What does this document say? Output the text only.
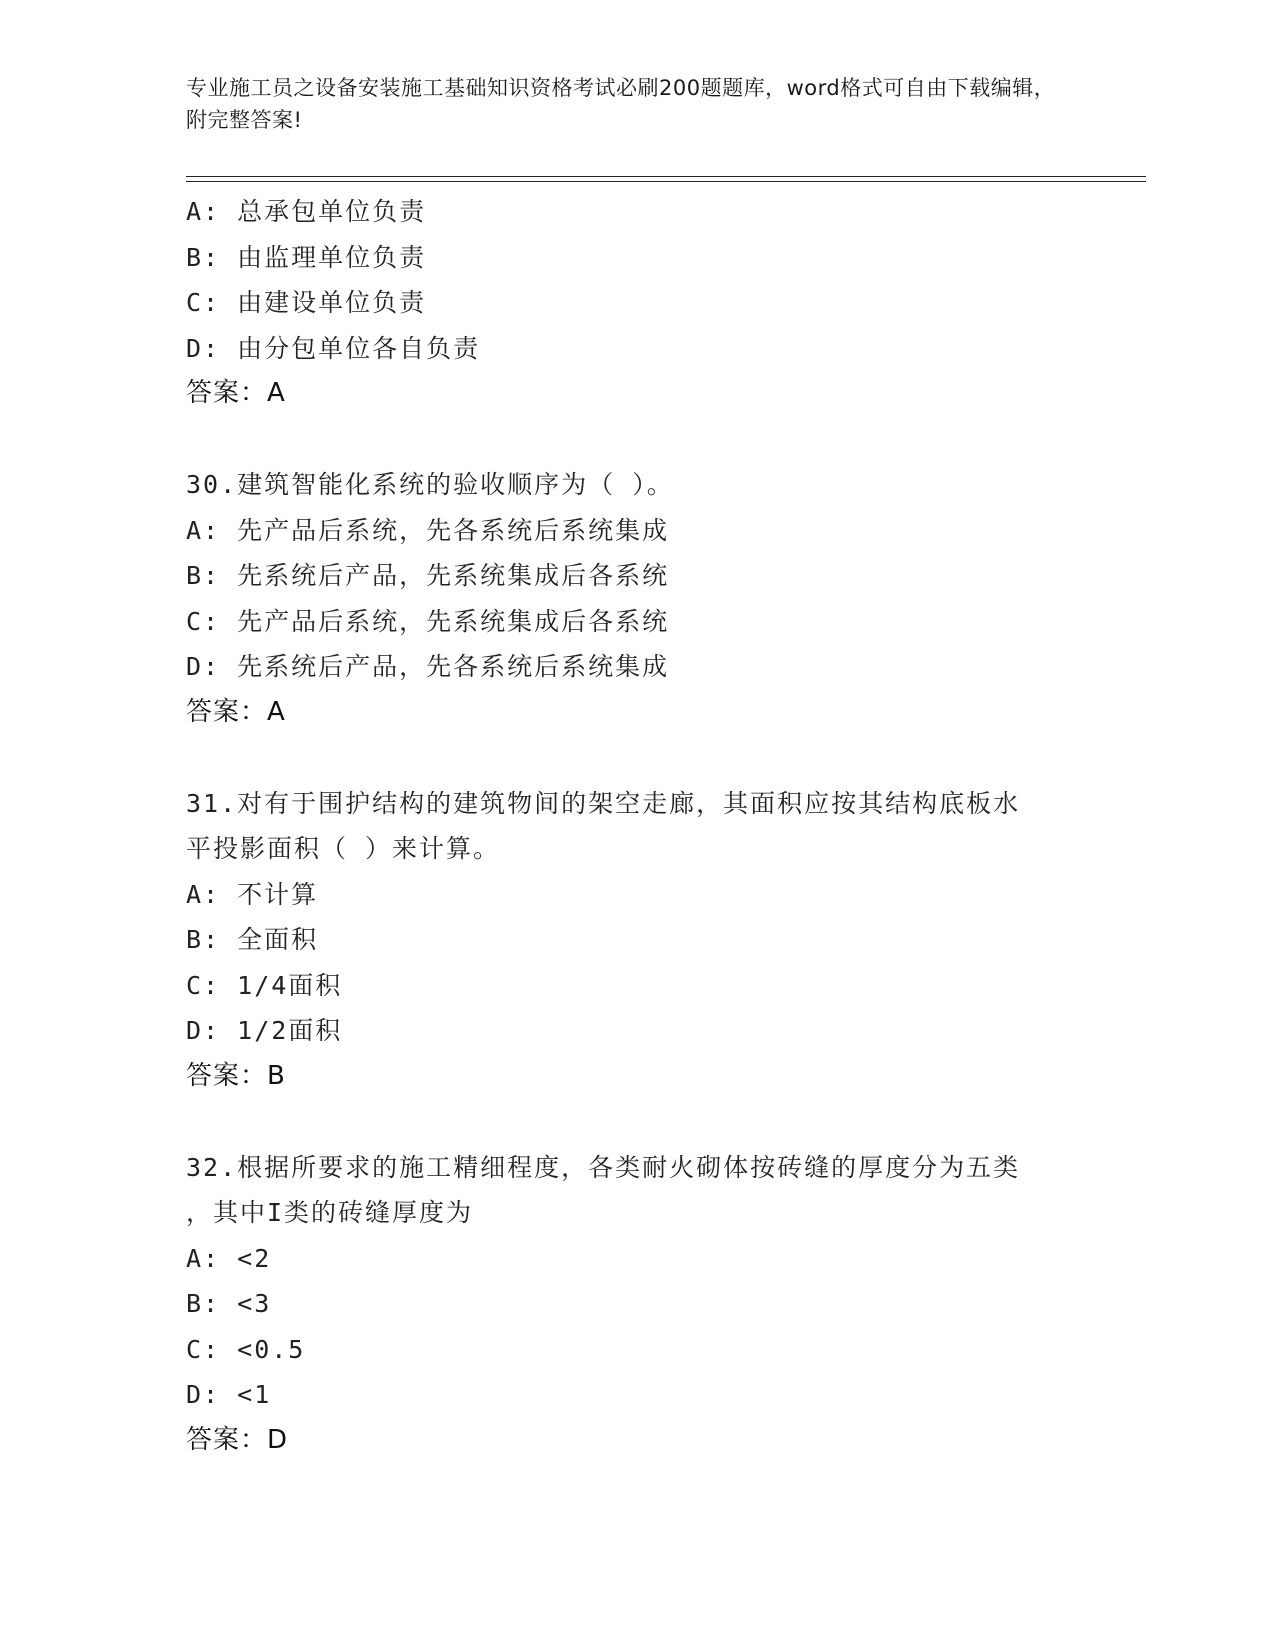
专业施工员之设备安装施工基础知识资格考试必刷200题题库，word格式可自由下载编辑，附完整答案!

A: 总承包单位负责

B: 由监理单位负责

C: 由建设单位负责

D: 由分包单位各自负责

答案：A

30.建筑智能化系统的验收顺序为（ ）。

A: 先产品后系统，先各系统后系统集成

B: 先系统后产品，先系统集成后各系统

C: 先产品后系统，先系统集成后各系统

D: 先系统后产品，先各系统后系统集成

答案：A

31.对有于围护结构的建筑物间的架空走廊，其面积应按其结构底板水

平投影面积（ ）来计算。

A: 不计算

B: 全面积

C: 1/4面积

D: 1/2面积

答案：B

32.根据所要求的施工精细程度，各类耐火砌体按砖缝的厚度分为五类

，其中I类的砖缝厚度为

A: <2

B: <3

C: <0.5

D: <1

答案：D
